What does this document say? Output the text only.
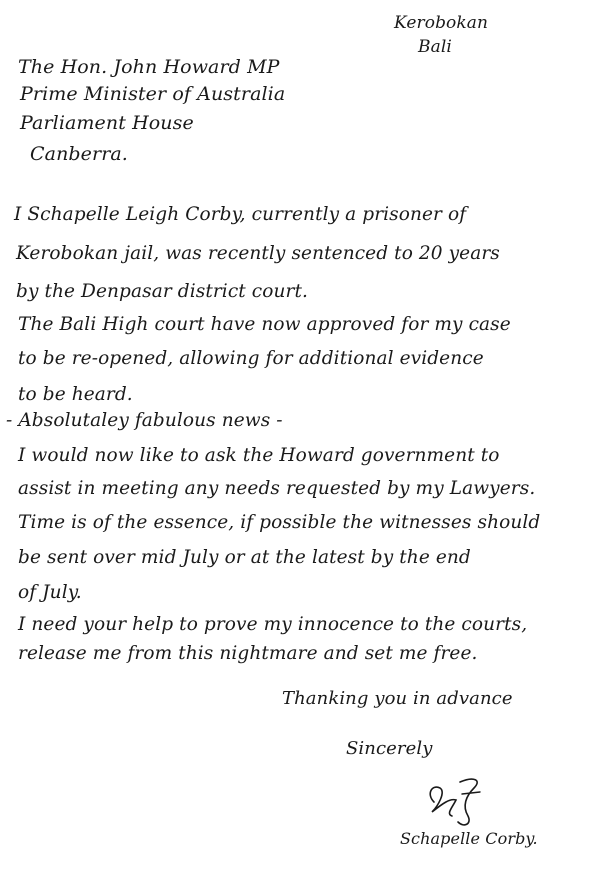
Kerobokan
Bali
The Hon. John Howard MP
Prime Minister of Australia
Parliament House
Canberra.
I Schapelle Leigh Corby, currently a prisoner of
Kerobokan jail, was recently sentenced to 20 years
by the Denpasar district court.
The Bali High court have now approved for my case
to be re-opened, allowing for additional evidence
to be heard.
- Absolutaley fabulous news -
I would now like to ask the Howard government to
assist in meeting any needs requested by my Lawyers.
Time is of the essence, if possible the witnesses should
be sent over mid July or at the latest by the end
of July.
I need your help to prove my innocence to the courts,
release me from this nightmare and set me free.
Thanking you in advance
Sincerely
Schapelle Corby.
